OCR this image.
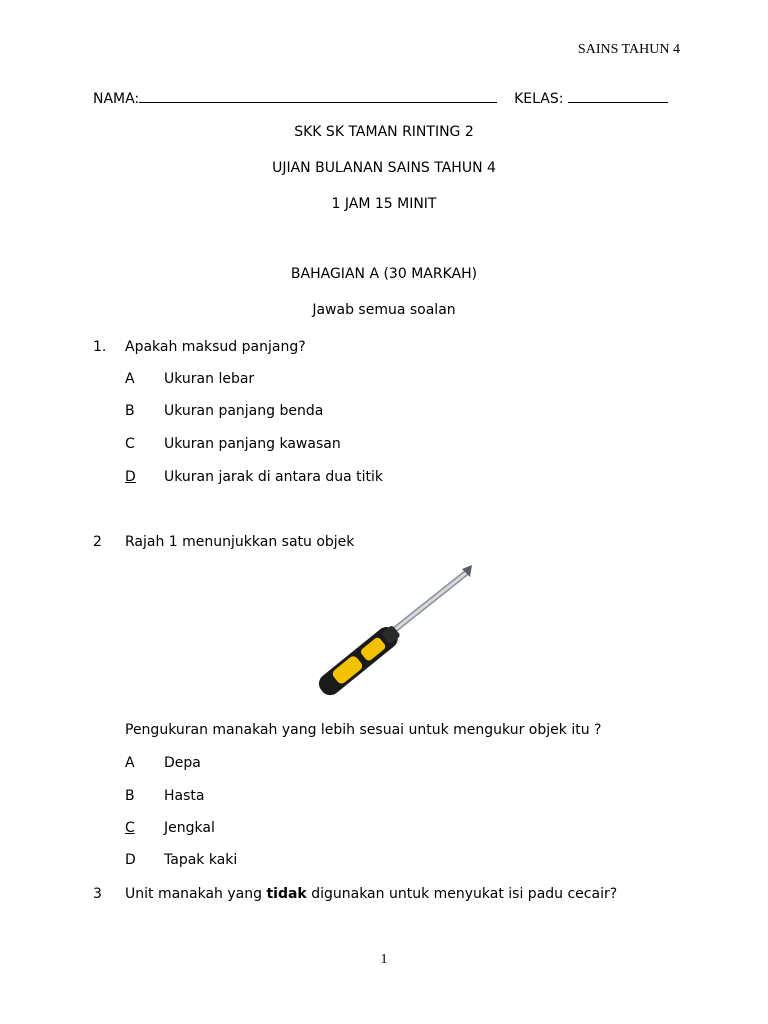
SAINS TAHUN 4
NAMA:	KELAS:
SKK SK TAMAN RINTING 2
UJIAN BULANAN SAINS TAHUN 4
1 JAM 15 MINIT
BAHAGIAN A (30 MARKAH)
Jawab semua soalan
1. Apakah maksud panjang?
A Ukuran lebar
B Ukuran panjang benda
C Ukuran panjang kawasan
D Ukuran jarak di antara dua titik
2 Rajah 1 menunjukkan satu objek
Pengukuran manakah yang lebih sesuai untuk mengukur objek itu ?
A Depa
B Hasta
C Jengkal
D Tapak kaki
3 Unit manakah yang tidak digunakan untuk menyukat isi padu cecair?
1
